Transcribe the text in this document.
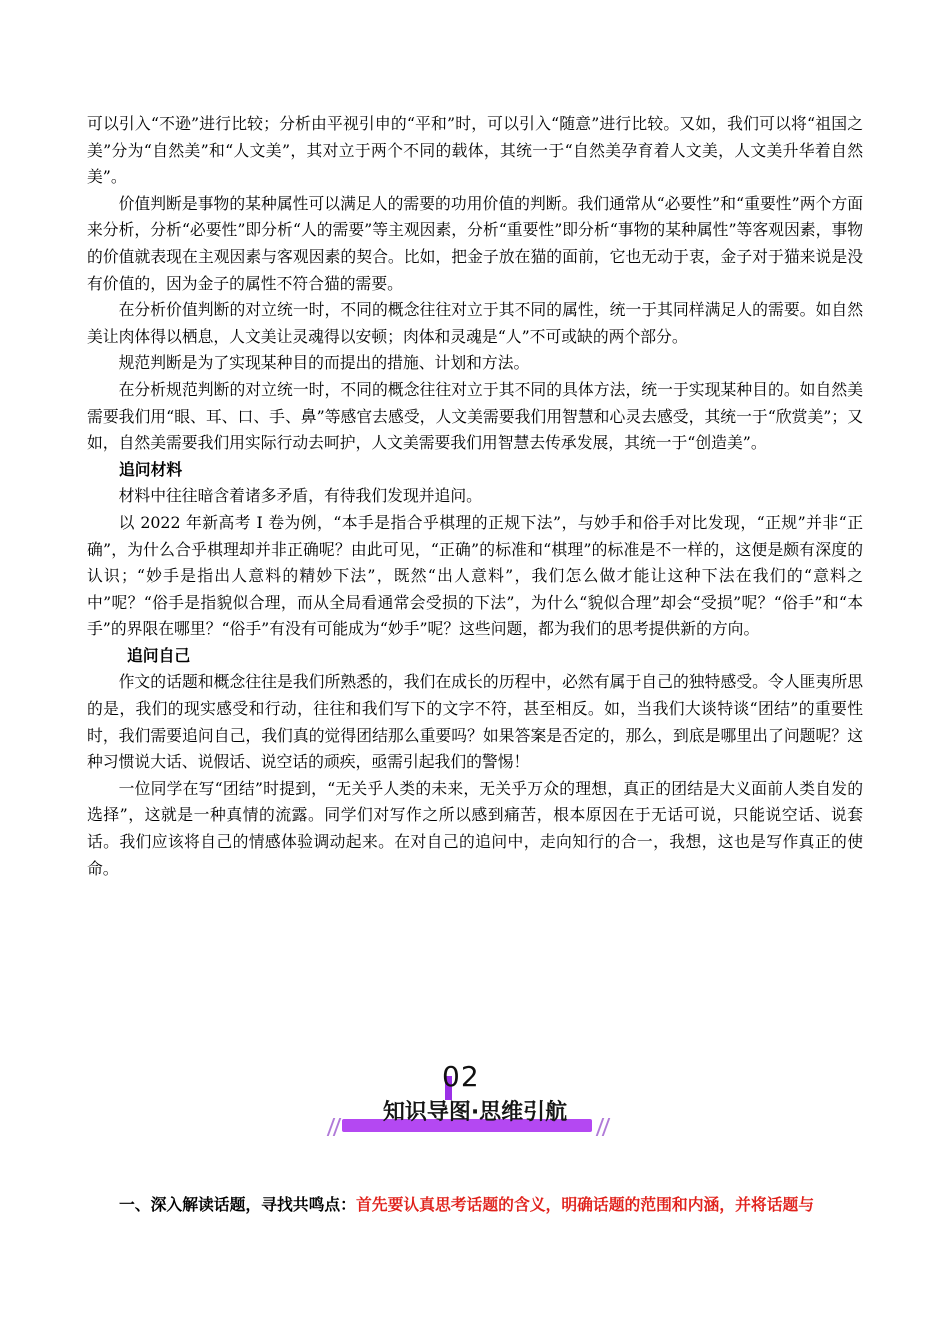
可以引入“不逊”进行比较；分析由平视引申的“平和”时，可以引入“随意”进行比较。又如，我们可以将“祖国之美”分为“自然美”和“人文美”，其对立于两个不同的载体，其统一于“自然美孕育着人文美，人文美升华着自然美”。

价值判断是事物的某种属性可以满足人的需要的功用价值的判断。我们通常从“必要性”和“重要性”两个方面来分析，分析“必要性”即分析“人的需要”等主观因素，分析“重要性”即分析“事物的某种属性”等客观因素，事物的价值就表现在主观因素与客观因素的契合。比如，把金子放在猫的面前，它也无动于衷，金子对于猫来说是没有价值的，因为金子的属性不符合猫的需要。

在分析价值判断的对立统一时，不同的概念往往对立于其不同的属性，统一于其同样满足人的需要。如自然美让肉体得以栖息，人文美让灵魂得以安顿；肉体和灵魂是“人”不可或缺的两个部分。

规范判断是为了实现某种目的而提出的措施、计划和方法。

在分析规范判断的对立统一时，不同的概念往往对立于其不同的具体方法，统一于实现某种目的。如自然美需要我们用“眼、耳、口、手、鼻”等感官去感受，人文美需要我们用智慧和心灵去感受，其统一于“欣赏美”；又如，自然美需要我们用实际行动去呵护，人文美需要我们用智慧去传承发展，其统一于“创造美”。

追问材料

材料中往往暗含着诸多矛盾，有待我们发现并追问。

以 2022 年新高考 I 卷为例，“本手是指合乎棋理的正规下法”，与妙手和俗手对比发现，“正规”并非“正确”，为什么合乎棋理却并非正确呢？由此可见，“正确”的标准和“棋理”的标准是不一样的，这便是颇有深度的认识；“妙手是指出人意料的精妙下法”，既然“出人意料”，我们怎么做才能让这种下法在我们的“意料之中”呢？“俗手是指貌似合理，而从全局看通常会受损的下法”，为什么“貌似合理”却会“受损”呢？“俗手”和“本手”的界限在哪里？“俗手”有没有可能成为“妙手”呢？这些问题，都为我们的思考提供新的方向。

追问自己

作文的话题和概念往往是我们所熟悉的，我们在成长的历程中，必然有属于自己的独特感受。令人匪夷所思的是，我们的现实感受和行动，往往和我们写下的文字不符，甚至相反。如，当我们大谈特谈“团结”的重要性时，我们需要追问自己，我们真的觉得团结那么重要吗？如果答案是否定的，那么，到底是哪里出了问题呢？这种习惯说大话、说假话、说空话的顽疾，亟需引起我们的警惕！

一位同学在写“团结”时提到，“无关乎人类的未来，无关乎万众的理想，真正的团结是大义面前人类自发的选择”，这就是一种真情的流露。同学们对写作之所以感到痛苦，根本原因在于无话可说，只能说空话、说套话。我们应该将自己的情感体验调动起来。在对自己的追问中，走向知行的合一，我想，这也是写作真正的使命。

02
知识导图·思维引航
一、深入解读话题，寻找共鸣点：首先要认真思考话题的含义，明确话题的范围和内涵，并将话题与
